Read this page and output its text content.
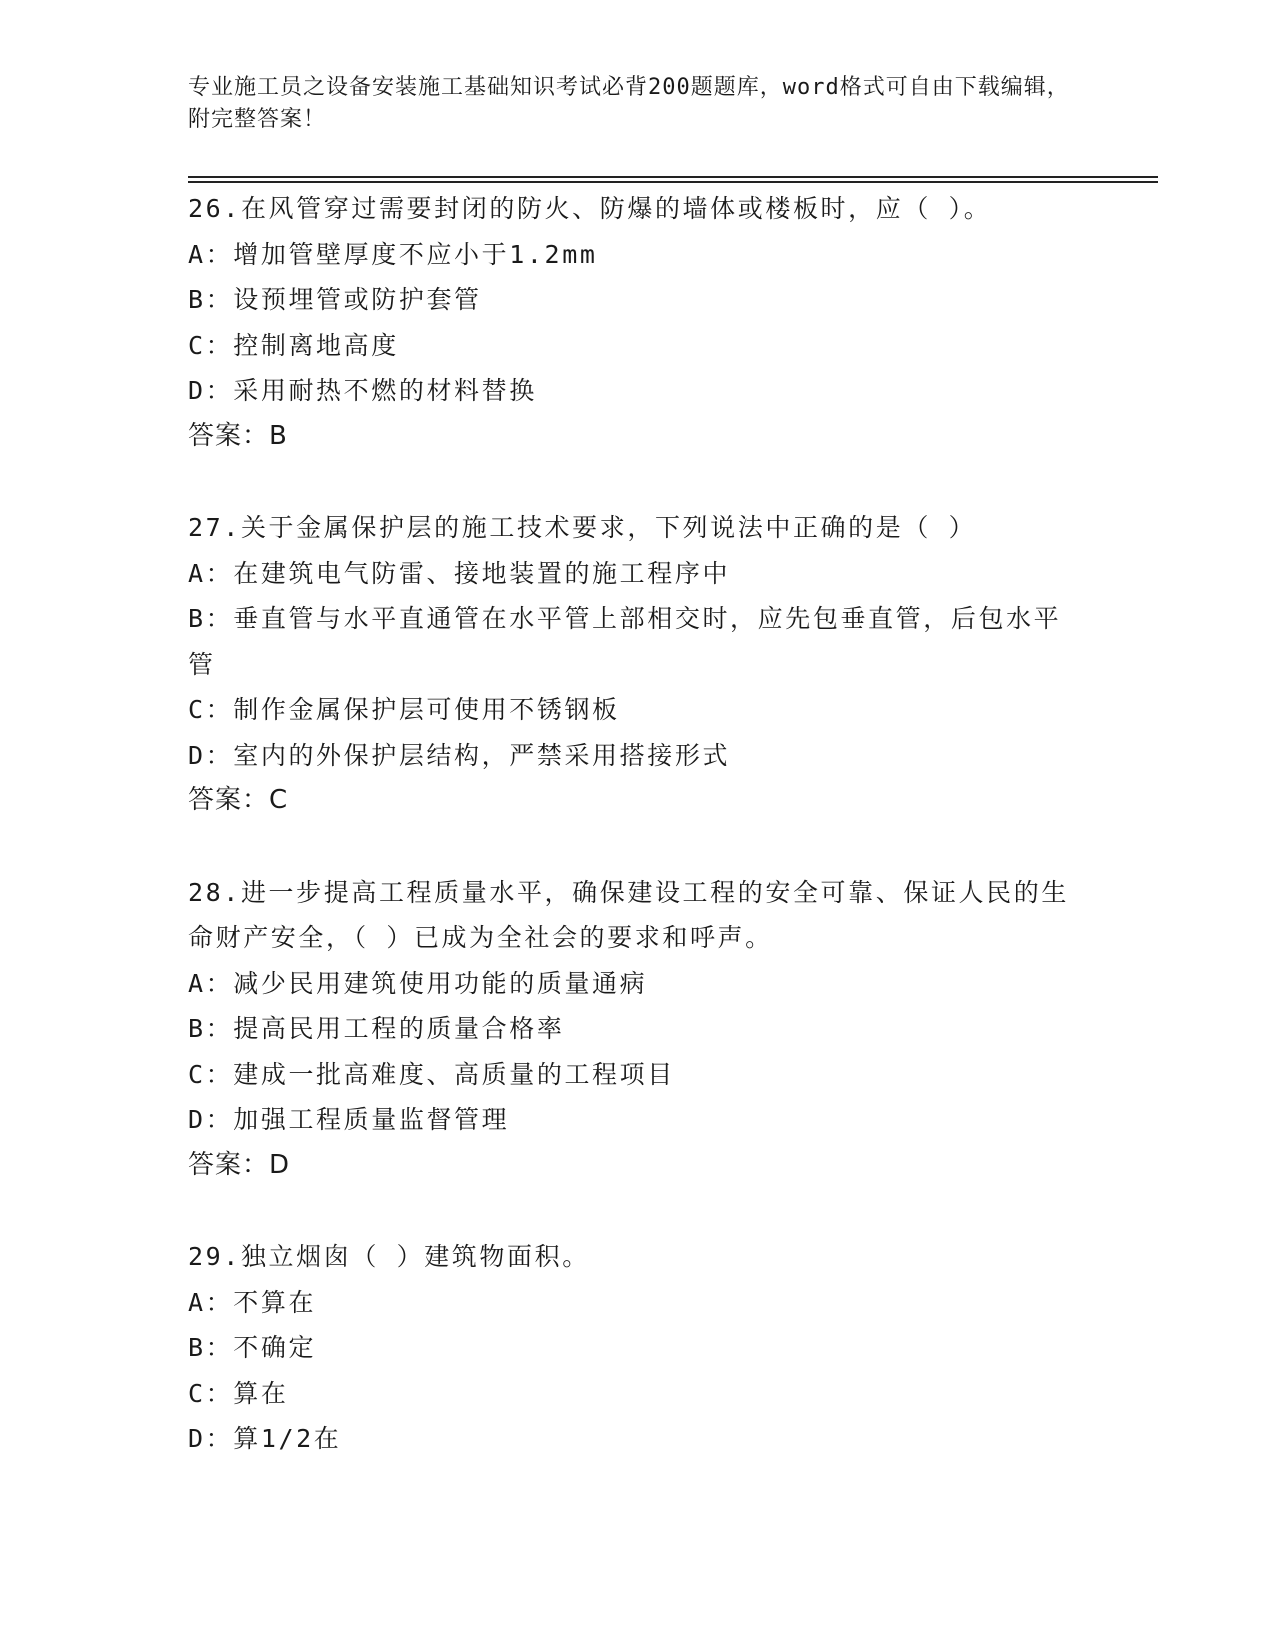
专业施工员之设备安装施工基础知识考试必背200题题库，word格式可自由下载编辑，附完整答案！
26.在风管穿过需要封闭的防火、防爆的墙体或楼板时，应（ ）。
A：增加管壁厚度不应小于1.2mm
B：设预埋管或防护套管
C：控制离地高度
D：采用耐热不燃的材料替换
答案：B
27.关于金属保护层的施工技术要求，下列说法中正确的是（ ）
A：在建筑电气防雷、接地装置的施工程序中
B：垂直管与水平直通管在水平管上部相交时，应先包垂直管，后包水平管
C：制作金属保护层可使用不锈钢板
D：室内的外保护层结构，严禁采用搭接形式
答案：C
28.进一步提高工程质量水平，确保建设工程的安全可靠、保证人民的生命财产安全，（ ）已成为全社会的要求和呼声。
A：减少民用建筑使用功能的质量通病
B：提高民用工程的质量合格率
C：建成一批高难度、高质量的工程项目
D：加强工程质量监督管理
答案：D
29.独立烟囱（ ）建筑物面积。
A：不算在
B：不确定
C：算在
D：算1/2在
